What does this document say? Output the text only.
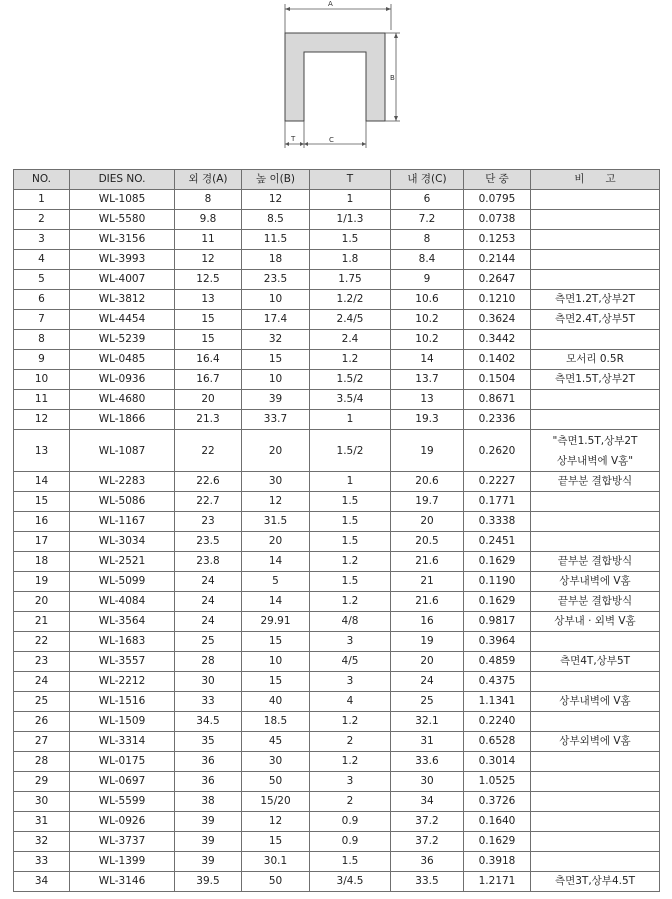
A
B
T	C
NO.	DIES NO.	외 경(A)	높 이(B)	T	내 경(C)	단 중	비　　고
1	WL-1085	8	12	1	6	0.0795	
2	WL-5580	9.8	8.5	1/1.3	7.2	0.0738	
3	WL-3156	11	11.5	1.5	8	0.1253	
4	WL-3993	12	18	1.8	8.4	0.2144	
5	WL-4007	12.5	23.5	1.75	9	0.2647	
6	WL-3812	13	10	1.2/2	10.6	0.1210	측면1.2T,상부2T
7	WL-4454	15	17.4	2.4/5	10.2	0.3624	측면2.4T,상부5T
8	WL-5239	15	32	2.4	10.2	0.3442	
9	WL-0485	16.4	15	1.2	14	0.1402	모서리 0.5R
10	WL-0936	16.7	10	1.5/2	13.7	0.1504	측면1.5T,상부2T
11	WL-4680	20	39	3.5/4	13	0.8671	
12	WL-1866	21.3	33.7	1	19.3	0.2336	
13	WL-1087	22	20	1.5/2	19	0.2620	"측면1.5T,상부2T
상부내벽에 V홈"

14	WL-2283	22.6	30	1	20.6	0.2227	끝부분 결합방식
15	WL-5086	22.7	12	1.5	19.7	0.1771	
16	WL-1167	23	31.5	1.5	20	0.3338	
17	WL-3034	23.5	20	1.5	20.5	0.2451	
18	WL-2521	23.8	14	1.2	21.6	0.1629	끝부분 결합방식
19	WL-5099	24	5	1.5	21	0.1190	상부내벽에 V홈
20	WL-4084	24	14	1.2	21.6	0.1629	끝부분 결합방식
21	WL-3564	24	29.91	4/8	16	0.9817	상부내 · 외벽 V홈
22	WL-1683	25	15	3	19	0.3964	
23	WL-3557	28	10	4/5	20	0.4859	측면4T,상부5T
24	WL-2212	30	15	3	24	0.4375	
25	WL-1516	33	40	4	25	1.1341	상부내벽에 V홈
26	WL-1509	34.5	18.5	1.2	32.1	0.2240	
27	WL-3314	35	45	2	31	0.6528	상부외벽에 V홈
28	WL-0175	36	30	1.2	33.6	0.3014	
29	WL-0697	36	50	3	30	1.0525	
30	WL-5599	38	15/20	2	34	0.3726	
31	WL-0926	39	12	0.9	37.2	0.1640	
32	WL-3737	39	15	0.9	37.2	0.1629	
33	WL-1399	39	30.1	1.5	36	0.3918	
34	WL-3146	39.5	50	3/4.5	33.5	1.2171	측면3T,상부4.5T
